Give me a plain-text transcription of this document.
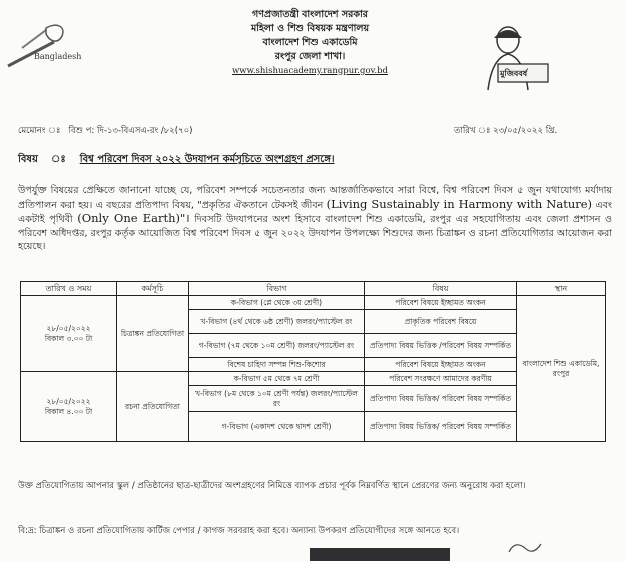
Bangladesh
গণপ্রজাতন্ত্রী বাংলাদেশ সরকার
মহিলা ও শিশু বিষয়ক মন্ত্রণালয়
বাংলাদেশ শিশু একাডেমি
রংপুর জেলা শাখা।
www.shishuacademy.rangpur.gov.bd	মুজিববর্ষ
মেমোনং ঃ বিশু প: দি-১৩-বিএসএ-রং /৮২(৭০)	তারিখ ঃ ২৩/০৫/২০২২ খ্রি.
বিষয়	বিশ্ব পরিবেশ দিবস ২০২২ উদযাপন কর্মসূচিতে অংশগ্রহণ প্রসঙ্গে।
উপর্যুক্ত বিষয়ের প্রেক্ষিতে জানানো যাচ্ছে যে, পরিবেশ সম্পর্কে সচেতনতার জন্য আন্তর্জাতিকভাবে সারা বিশ্বে, বিশ্ব পরিবেশ দিবস ৫ জুন যথাযোগ্য মর্যাদায় প্রতিপালন করা হয়। এ বছরের প্রতিপাদ্য বিষয়, "প্রকৃতির ঐকতানে টেকসই জীবন (Living Sustainably in Harmony with Nature) এবং একটাই পৃথিবী (Only One Earth)"। দিবসটি উদযাপনের অংশ হিসাবে বাংলাদেশ শিশু একাডেমি, রংপুর এর সহযোগিতায় এবং জেলা প্রশাসন ও পরিবেশ অধিদপ্তর, রংপুর কর্তৃক আয়োজিত বিশ্ব পরিবেশ দিবস ৫ জুন ২০২২ উদযাপন উপলক্ষ্যে শিশুদের জন্য চিত্রাঙ্কন ও রচনা প্রতিযোগিতার আয়োজন করা হয়েছে।
তারিখ ও সময়	কর্মসূচি	বিভাগ	বিষয়	স্থান

২৮/০৫/২০২২
বিকাল ৩.০০ টা	চিত্রাঙ্কন প্রতিযোগিতা	ক-বিভাগ (প্লে থেকে ৩য় শ্রেণী)	পরিবেশ বিষয়ে ইচ্ছামত অংকন	বাংলাদেশ শিশু একাডেমি, রংপুর
		খ-বিভাগ (৪র্থ থেকে ৬ষ্ঠ শ্রেণী) জলরং/প্যাস্টেল রং	প্রাকৃতিক পরিবেশ বিষয়ে	
		গ-বিভাগ (৭ম থেকে ১০ম শ্রেণী) জলরং/প্যাস্টেল রং	প্রতিপাদ্য বিষয় ভিত্তিক /পরিবেশ বিষয় সম্পর্কিত	
		বিশেষ চাহিদা সম্পন্ন শিশু-কিশোর	পরিবেশ বিষয়ে ইচ্ছামত অংকন	

২৮/০৫/২০২২
বিকাল ৪.০০ টা	রচনা প্রতিযোগিতা	ক-বিভাগ ৫ম থেকে ৭ম শ্রেণী	পরিবেশ সংরক্ষণে আমাদের করণীয়	
		খ-বিভাগ (৮ম থেকে ১০ম শ্রেণী পর্যন্ত) জলরং/প্যাস্টেল রং	প্রতিপাদ্য বিষয় ভিত্তিক/ পরিবেশ বিষয় সম্পর্কিত	
		গ-বিভাগ (একাদশ থেকে দ্বাদশ শ্রেণী)	প্রতিপাদ্য বিষয় ভিত্তিক/ পরিবেশ বিষয় সম্পর্কিত	
উক্ত প্রতিযোগিতায় আপনার স্কুল / প্রতিষ্ঠানের ছাত্র-ছাত্রীদের অংশগ্রহণের নিমিত্তে ব্যাপক প্রচার পূর্বক নিম্নবর্ণিত স্থানে প্রেরণের জন্য অনুরোধ করা হলো।
বি:দ্র: চিত্রাঙ্কন ও রচনা প্রতিযোগিতায় কার্টিজ পেপার / কাগজ সরবরাহ করা হবে। অন্যান্য উপকরণ প্রতিযোগীদের সঙ্গে আনতে হবে।
